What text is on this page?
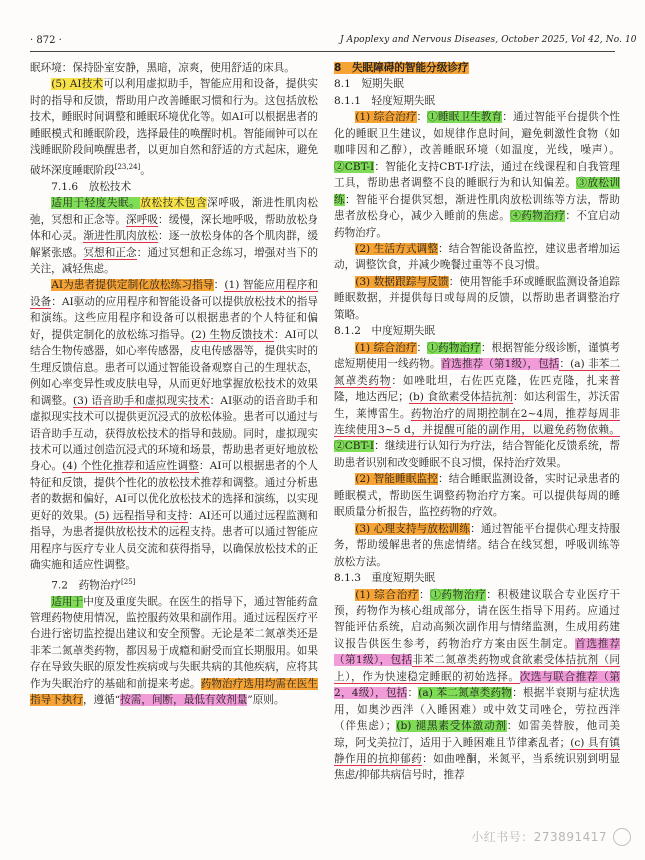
· 872 ·	J Apoplexy and Nervous Diseases, October 2025, Vol 42, No. 10

眠环境：保持卧室安静，黑暗，凉爽，使用舒适的床具。

(5) AI技术可以利用虚拟助手，智能应用和设备，提供实时的指导和反馈，帮助用户改善睡眠习惯和行为。这包括放松技术，睡眠时间调整和睡眠环境优化等。如AI可以根据患者的睡眠模式和睡眠阶段，选择最佳的唤醒时机。智能闹钟可以在浅睡眠阶段间唤醒患者，以更加自然和舒适的方式起床，避免破坏深度睡眠阶段[23,24]。

7.1.6　放松技术

适用于轻度失眠。放松技术包含深呼吸，渐进性肌肉松弛，冥想和正念等。深呼吸：缓慢，深长地呼吸，帮助放松身体和心灵。渐进性肌肉放松：逐一放松身体的各个肌肉群，缓解紧张感。冥想和正念：通过冥想和正念练习，增强对当下的关注，减轻焦虑。

AI为患者提供定制化放松练习指导：(1) 智能应用程序和设备：AI驱动的应用程序和智能设备可以提供放松技术的指导和演练。这些应用程序和设备可以根据患者的个人特征和偏好，提供定制化的放松练习指导。(2) 生物反馈技术：AI可以结合生物传感器，如心率传感器，皮电传感器等，提供实时的生理反馈信息。患者可以通过智能设备观察自己的生理状态，例如心率变异性或皮肤电导，从而更好地掌握放松技术的效果和调整。(3) 语音助手和虚拟现实技术：AI驱动的语音助手和虚拟现实技术可以提供更沉浸式的放松体验。患者可以通过与语音助手互动，获得放松技术的指导和鼓励。同时，虚拟现实技术可以通过创造沉浸式的环境和场景，帮助患者更好地放松身心。(4) 个性化推荐和适应性调整：AI可以根据患者的个人特征和反馈，提供个性化的放松技术推荐和调整。通过分析患者的数据和偏好，AI可以优化放松技术的选择和演练，以实现更好的效果。(5) 远程指导和支持：AI还可以通过远程监测和指导，为患者提供放松技术的远程支持。患者可以通过智能应用程序与医疗专业人员交流和获得指导，以确保放松技术的正确实施和适应性调整。

7.2　药物治疗[25]

适用于中度及重度失眠。在医生的指导下，通过智能药盒管理药物使用情况，监控服药效果和副作用。通过远程医疗平台进行密切监控提出建议和安全预警。无论是苯二氮䓬类还是非苯二氮䓬类药物，都因易于成瘾和耐受而宜长期服用。如果存在导致失眠的原发性疾病或与失眠共病的其他疾病，应将其作为失眠治疗的基础和前提来考虑。药物治疗选用均需在医生指导下执行，遵循“按需，间断，最低有效剂量”原则。

8　失眠障碍的智能分级诊疗

8.1　短期失眠

8.1.1　轻度短期失眠

(1) 综合治疗：①睡眠卫生教育：通过智能平台提供个性化的睡眠卫生建议，如规律作息时间，避免刺激性食物（如咖啡因和乙醇），改善睡眠环境（如温度，光线，噪声）。②CBT-I：智能化支持CBT-I疗法，通过在线课程和自我管理工具，帮助患者调整不良的睡眠行为和认知偏差。③放松训练：智能平台提供冥想，渐进性肌肉放松训练等方法，帮助患者放松身心，减少入睡前的焦虑。④药物治疗：不宜启动药物治疗。

(2) 生活方式调整：结合智能设备监控，建议患者增加运动，调整饮食，并减少晚餐过重等不良习惯。

(3) 数据跟踪与反馈：使用智能手环或睡眠监测设备追踪睡眠数据，并提供每日或每周的反馈，以帮助患者调整治疗策略。

8.1.2　中度短期失眠

(1) 综合治疗：①药物治疗：根据智能分级诊断，谨慎考虑短期使用一线药物。首选推荐（第1级），包括：(a) 非苯二氮䓬类药物：如唑吡坦，右佐匹克隆，佐匹克隆，扎来普隆，地达西尼；(b) 食欲素受体拮抗剂：如达利雷生，苏沃雷生，莱博雷生。药物治疗的周期控制在2~4周，推荐每周非连续使用3~5 d，并提醒可能的副作用，以避免药物依赖。②CBT-I：继续进行认知行为疗法，结合智能化反馈系统，帮助患者识别和改变睡眠不良习惯，保持治疗效果。

(2) 智能睡眠监控：结合睡眠监测设备，实时记录患者的睡眠模式，帮助医生调整药物治疗方案。可以提供每周的睡眠质量分析报告，监控药物的疗效。

(3) 心理支持与放松训练：通过智能平台提供心理支持服务，帮助缓解患者的焦虑情绪。结合在线冥想，呼吸训练等放松方法。

8.1.3　重度短期失眠

(1) 综合治疗：①药物治疗：积极建议联合专业医疗干预，药物作为核心组成部分，请在医生指导下用药。应通过智能评估系统，启动高频次副作用与情绪监测，生成用药建议报告供医生参考，药物治疗方案由医生制定。首选推荐（第1级），包括非苯二氮䓬类药物或食欲素受体拮抗剂（同上），作为快速稳定睡眠的初始选择。次选与联合推荐（第2，4级），包括：(a) 苯二氮䓬类药物：根据半衰期与症状选用，如奥沙西泮（入睡困难）或中效艾司唑仑，劳拉西泮（伴焦虑）；(b) 褪黑素受体激动剂：如雷美替胺，他司美琼，阿戈美拉汀，适用于入睡困难且节律紊乱者；(c) 具有镇静作用的抗抑郁药：如曲唑酮，米氮平，当系统识别到明显焦虑/抑郁共病信号时，推荐

小红书号：273891417
